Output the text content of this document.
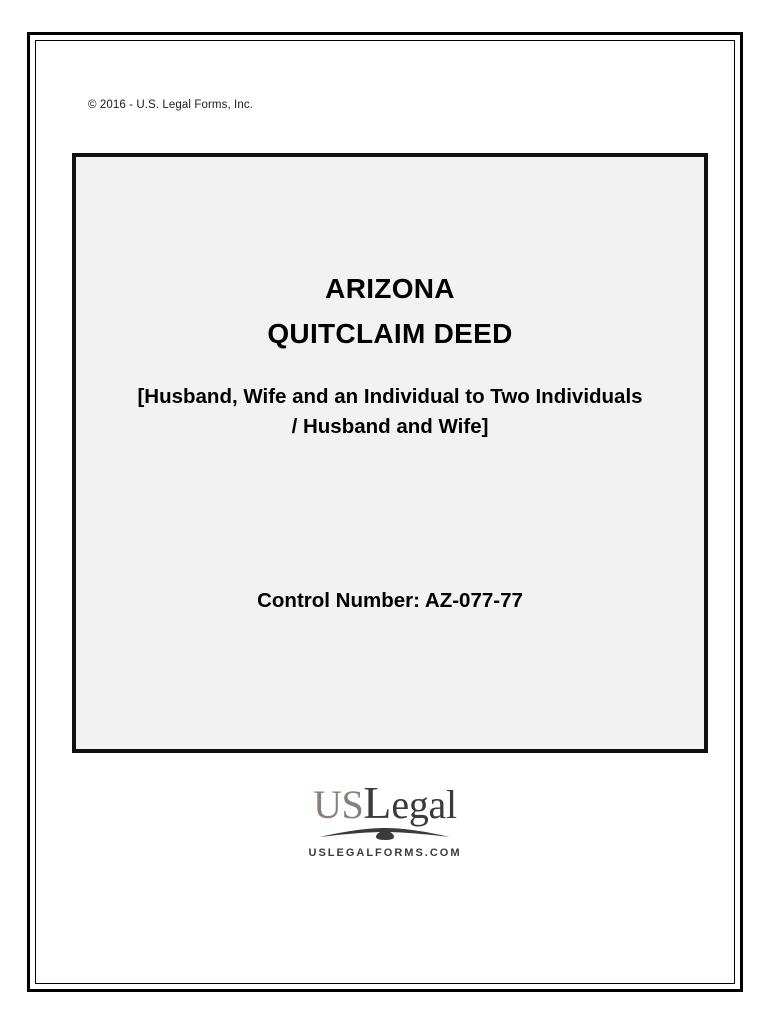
© 2016 - U.S. Legal Forms, Inc.
ARIZONA
QUITCLAIM DEED
[Husband, Wife and an Individual to Two Individuals
/ Husband and Wife]
Control Number: AZ-077-77
USLegal
USLEGALFORMS.COM
